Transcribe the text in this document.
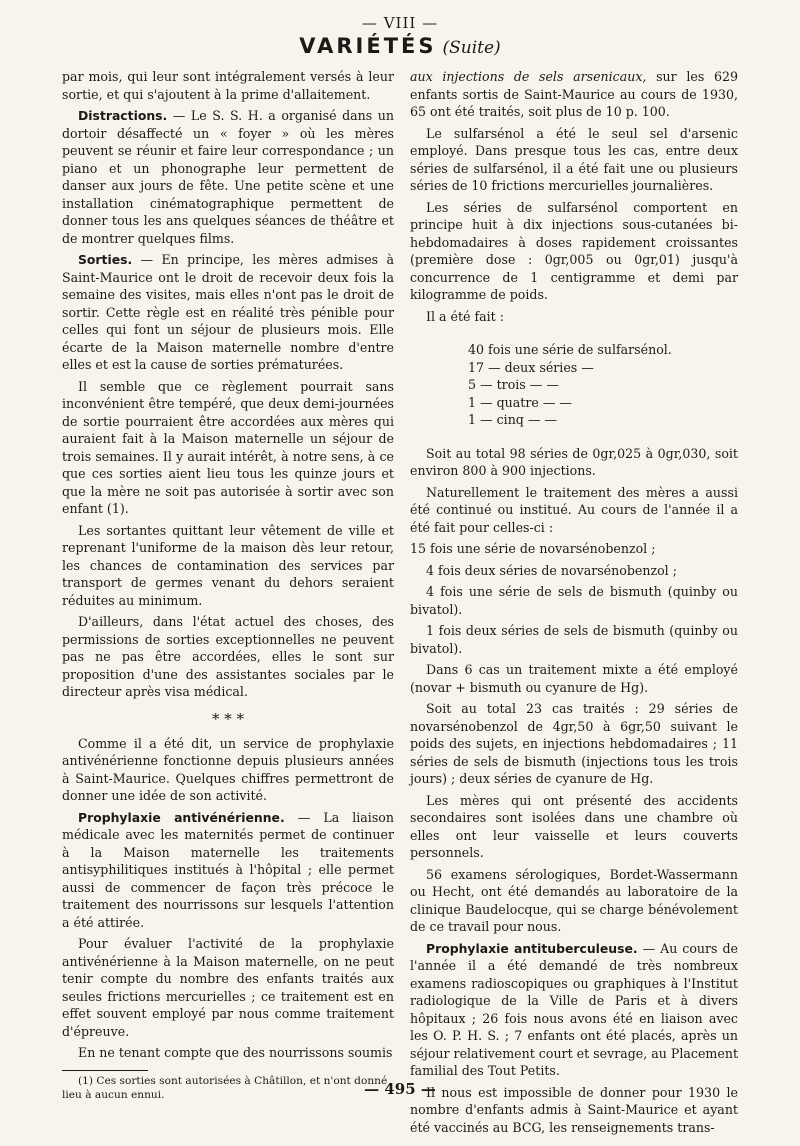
— VIII —
VARIÉTÉS (Suite)

par mois, qui leur sont intégralement versés à leur sortie, et qui s'ajoutent à la prime d'allaitement.

Distractions. — Le S. S. H. a organisé dans un dortoir désaffecté un « foyer » où les mères peuvent se réunir et faire leur correspondance ; un piano et un phonographe leur permettent de danser aux jours de fête. Une petite scène et une installation cinématographique permettent de donner tous les ans quelques séances de théâtre et de montrer quelques films.

Sorties. — En principe, les mères admises à Saint-Maurice ont le droit de recevoir deux fois la semaine des visites, mais elles n'ont pas le droit de sortir. Cette règle est en réalité très pénible pour celles qui font un séjour de plusieurs mois. Elle écarte de la Maison maternelle nombre d'entre elles et est la cause de sorties prématurées.

Il semble que ce règlement pourrait sans inconvénient être tempéré, que deux demi-journées de sortie pourraient être accordées aux mères qui auraient fait à la Maison maternelle un séjour de trois semaines. Il y aurait intérêt, à notre sens, à ce que ces sorties aient lieu tous les quinze jours et que la mère ne soit pas autorisée à sortir avec son enfant (1).

Les sortantes quittant leur vêtement de ville et reprenant l'uniforme de la maison dès leur retour, les chances de contamination des services par transport de germes venant du dehors seraient réduites au minimum.

D'ailleurs, dans l'état actuel des choses, des permissions de sorties exceptionnelles ne peuvent pas ne pas être accordées, elles le sont sur proposition d'une des assistantes sociales par le directeur après visa médical.

* * *

Comme il a été dit, un service de prophylaxie antivénérienne fonctionne depuis plusieurs années à Saint-Maurice. Quelques chiffres permettront de donner une idée de son activité.

Prophylaxie antivénérienne. — La liaison médicale avec les maternités permet de continuer à la Maison maternelle les traitements antisyphilitiques institués à l'hôpital ; elle permet aussi de commencer de façon très précoce le traitement des nourrissons sur lesquels l'attention a été attirée.

Pour évaluer l'activité de la prophylaxie antivénérienne à la Maison maternelle, on ne peut tenir compte du nombre des enfants traités aux seules frictions mercurielles ; ce traitement est en effet souvent employé par nous comme traitement d'épreuve.

En ne tenant compte que des nourrissons soumis

(1) Ces sorties sont autorisées à Châtillon, et n'ont donné lieu à aucun ennui.

aux injections de sels arsenicaux, sur les 629 enfants sortis de Saint-Maurice au cours de 1930, 65 ont été traités, soit plus de 10 p. 100.

Le sulfarsénol a été le seul sel d'arsenic employé. Dans presque tous les cas, entre deux séries de sulfarsénol, il a été fait une ou plusieurs séries de 10 frictions mercurielles journalières.

Les séries de sulfarsénol comportent en principe huit à dix injections sous-cutanées bi-hebdomadaires à doses rapidement croissantes (première dose : 0gr,005 ou 0gr,01) jusqu'à concurrence de 1 centigramme et demi par kilogramme de poids.

Il a été fait :

40 fois une série de sulfarsénol.
17 — deux séries —
5 — trois — —
1 — quatre — —
1 — cinq — —

Soit au total 98 séries de 0gr,025 à 0gr,030, soit environ 800 à 900 injections.

Naturellement le traitement des mères a aussi été continué ou institué. Au cours de l'année il a été fait pour celles-ci :

15 fois une série de novarsénobenzol ;

4 fois deux séries de novarsénobenzol ;

4 fois une série de sels de bismuth (quinby ou bivatol).

1 fois deux séries de sels de bismuth (quinby ou bivatol).

Dans 6 cas un traitement mixte a été employé (novar + bismuth ou cyanure de Hg).

Soit au total 23 cas traités : 29 séries de novarsénobenzol de 4gr,50 à 6gr,50 suivant le poids des sujets, en injections hebdomadaires ; 11 séries de sels de bismuth (injections tous les trois jours) ; deux séries de cyanure de Hg.

Les mères qui ont présenté des accidents secondaires sont isolées dans une chambre où elles ont leur vaisselle et leurs couverts personnels.

56 examens sérologiques, Bordet-Wassermann ou Hecht, ont été demandés au laboratoire de la clinique Baudelocque, qui se charge bénévolement de ce travail pour nous.

Prophylaxie antituberculeuse. — Au cours de l'année il a été demandé de très nombreux examens radioscopiques ou graphiques à l'Institut radiologique de la Ville de Paris et à divers hôpitaux ; 26 fois nous avons été en liaison avec les O. P. H. S. ; 7 enfants ont été placés, après un séjour relativement court et sevrage, au Placement familial des Tout Petits.

Il nous est impossible de donner pour 1930 le nombre d'enfants admis à Saint-Maurice et ayant été vaccinés au BCG, les renseignements trans-

— 495 —
